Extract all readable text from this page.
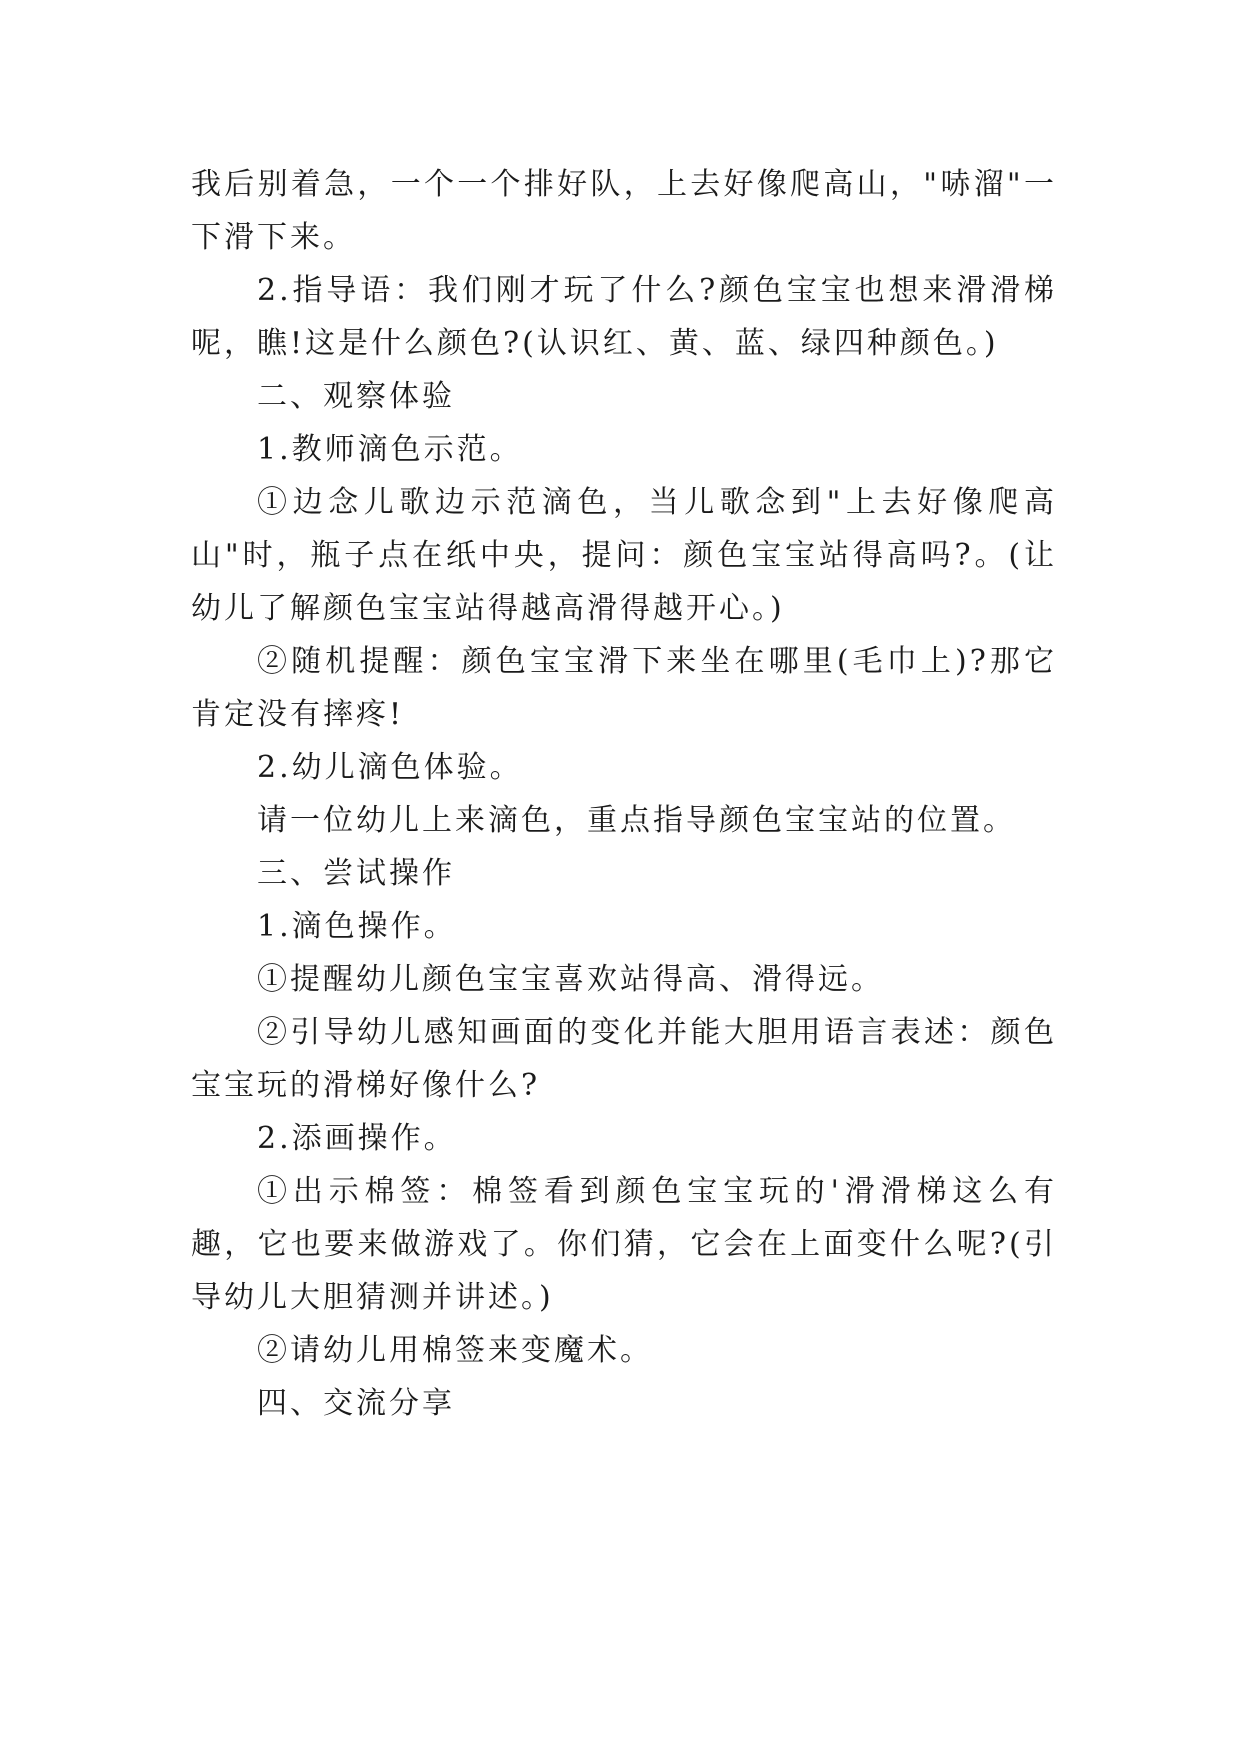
我后别着急，一个一个排好队，上去好像爬高山，"哧溜"一下滑下来。

2.指导语：我们刚才玩了什么?颜色宝宝也想来滑滑梯呢，瞧!这是什么颜色?(认识红、黄、蓝、绿四种颜色。)

二、观察体验

1.教师滴色示范。

①边念儿歌边示范滴色，当儿歌念到"上去好像爬高山"时，瓶子点在纸中央，提问：颜色宝宝站得高吗?。(让幼儿了解颜色宝宝站得越高滑得越开心。)

②随机提醒：颜色宝宝滑下来坐在哪里(毛巾上)?那它肯定没有摔疼!

2.幼儿滴色体验。

请一位幼儿上来滴色，重点指导颜色宝宝站的位置。

三、尝试操作

1.滴色操作。

①提醒幼儿颜色宝宝喜欢站得高、滑得远。

②引导幼儿感知画面的变化并能大胆用语言表述：颜色宝宝玩的滑梯好像什么?

2.添画操作。

①出示棉签：棉签看到颜色宝宝玩的'滑滑梯这么有趣，它也要来做游戏了。你们猜，它会在上面变什么呢?(引导幼儿大胆猜测并讲述。)

②请幼儿用棉签来变魔术。

四、交流分享
